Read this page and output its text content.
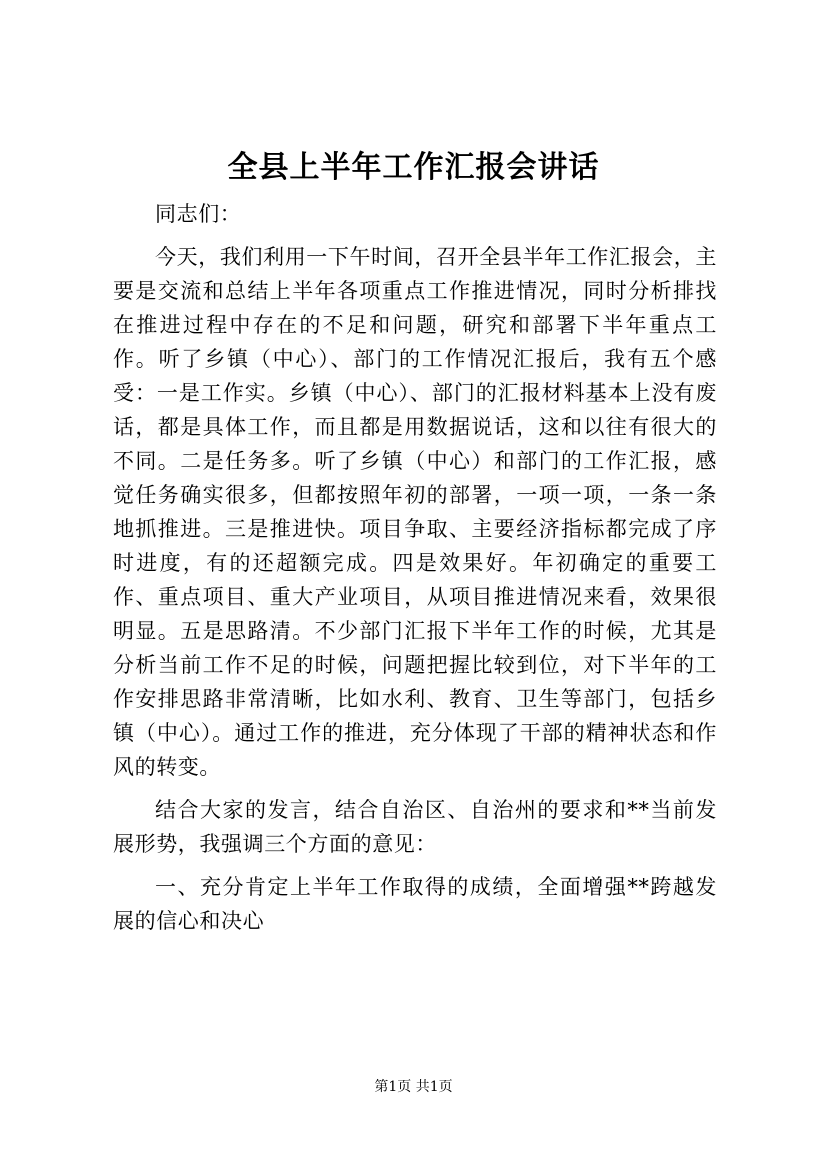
全县上半年工作汇报会讲话

同志们：

今天，我们利用一下午时间，召开全县半年工作汇报会，主要是交流和总结上半年各项重点工作推进情况，同时分析排找在推进过程中存在的不足和问题，研究和部署下半年重点工作。听了乡镇（中心）、部门的工作情况汇报后，我有五个感受：一是工作实。乡镇（中心）、部门的汇报材料基本上没有废话，都是具体工作，而且都是用数据说话，这和以往有很大的不同。二是任务多。听了乡镇（中心）和部门的工作汇报，感觉任务确实很多，但都按照年初的部署，一项一项，一条一条地抓推进。三是推进快。项目争取、主要经济指标都完成了序时进度，有的还超额完成。四是效果好。年初确定的重要工作、重点项目、重大产业项目，从项目推进情况来看，效果很明显。五是思路清。不少部门汇报下半年工作的时候，尤其是分析当前工作不足的时候，问题把握比较到位，对下半年的工作安排思路非常清晰，比如水利、教育、卫生等部门，包括乡镇（中心）。通过工作的推进，充分体现了干部的精神状态和作风的转变。

结合大家的发言，结合自治区、自治州的要求和**当前发展形势，我强调三个方面的意见：

一、充分肯定上半年工作取得的成绩，全面增强**跨越发展的信心和决心

第1页 共1页
